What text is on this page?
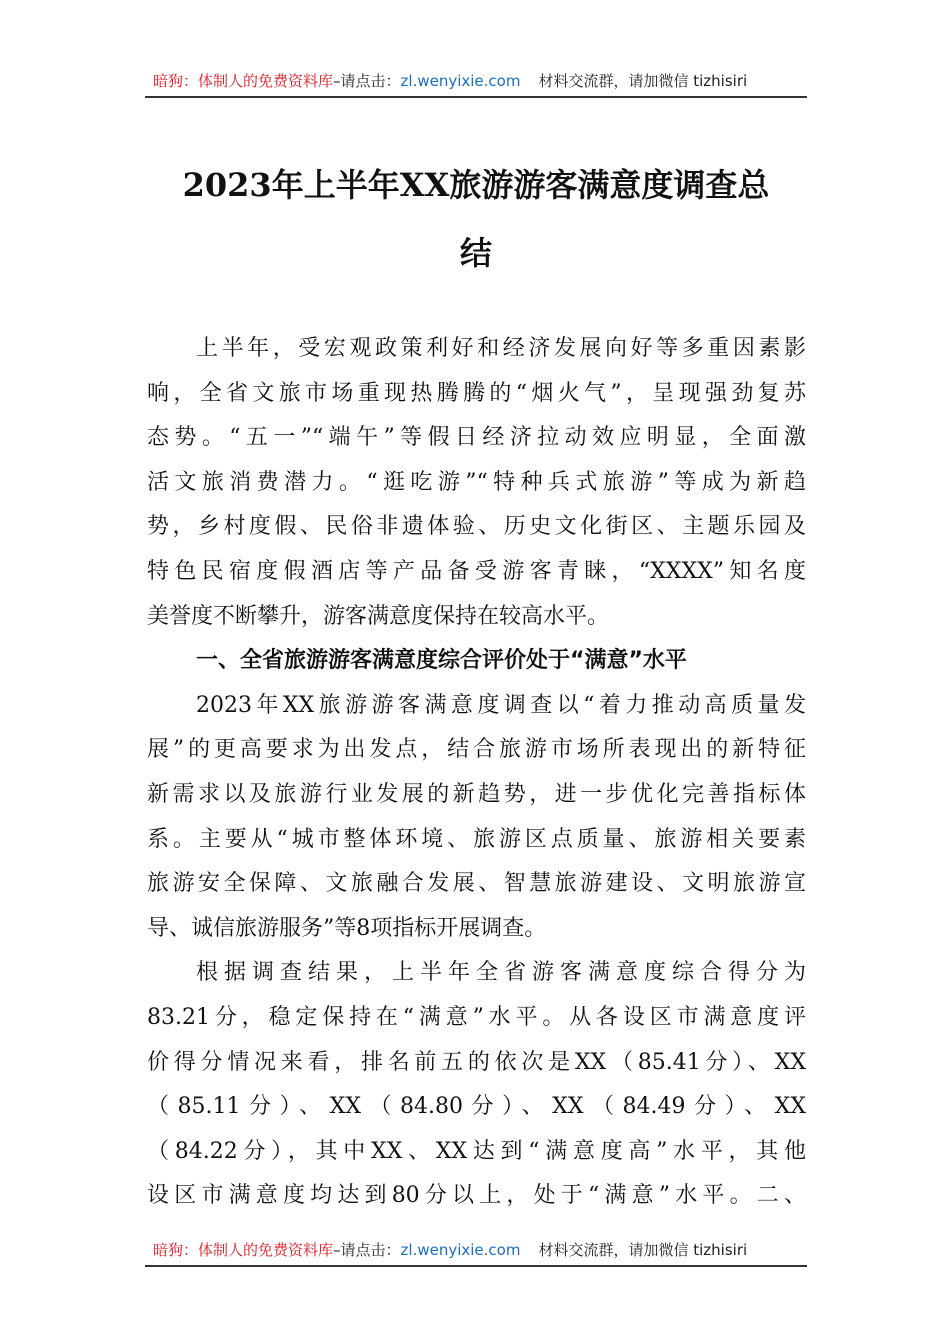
暗狗：体制人的免费资料库–请点击：zl.wenyixie.com 材料交流群，请加微信 tizhisiri
2023年上半年XX旅游游客满意度调查总
结
上半年，受宏观政策利好和经济发展向好等多重因素影
响，全省文旅市场重现热腾腾的“烟火气”，呈现强劲复苏
态势。“五一”“端午”等假日经济拉动效应明显，全面激
活文旅消费潜力。“逛吃游”“特种兵式旅游”等成为新趋
势，乡村度假、民俗非遗体验、历史文化街区、主题乐园及
特色民宿度假酒店等产品备受游客青睐，“XXXX”知名度
美誉度不断攀升，游客满意度保持在较高水平。
一、全省旅游游客满意度综合评价处于“满意”水平
2023年XX旅游游客满意度调查以“着力推动高质量发
展”的更高要求为出发点，结合旅游市场所表现出的新特征
新需求以及旅游行业发展的新趋势，进一步优化完善指标体
系。主要从“城市整体环境、旅游区点质量、旅游相关要素
旅游安全保障、文旅融合发展、智慧旅游建设、文明旅游宣
导、诚信旅游服务”等8项指标开展调查。
根据调查结果，上半年全省游客满意度综合得分为
83.21分，稳定保持在“满意”水平。从各设区市满意度评
价得分情况来看，排名前五的依次是XX（85.41分）、XX
（85.11分）、XX（84.80分）、XX（84.49分）、XX
（84.22分），其中XX、XX达到“满意度高”水平，其他
设区市满意度均达到80分以上，处于“满意”水平。二、
暗狗：体制人的免费资料库–请点击：zl.wenyixie.com 材料交流群，请加微信 tizhisiri
